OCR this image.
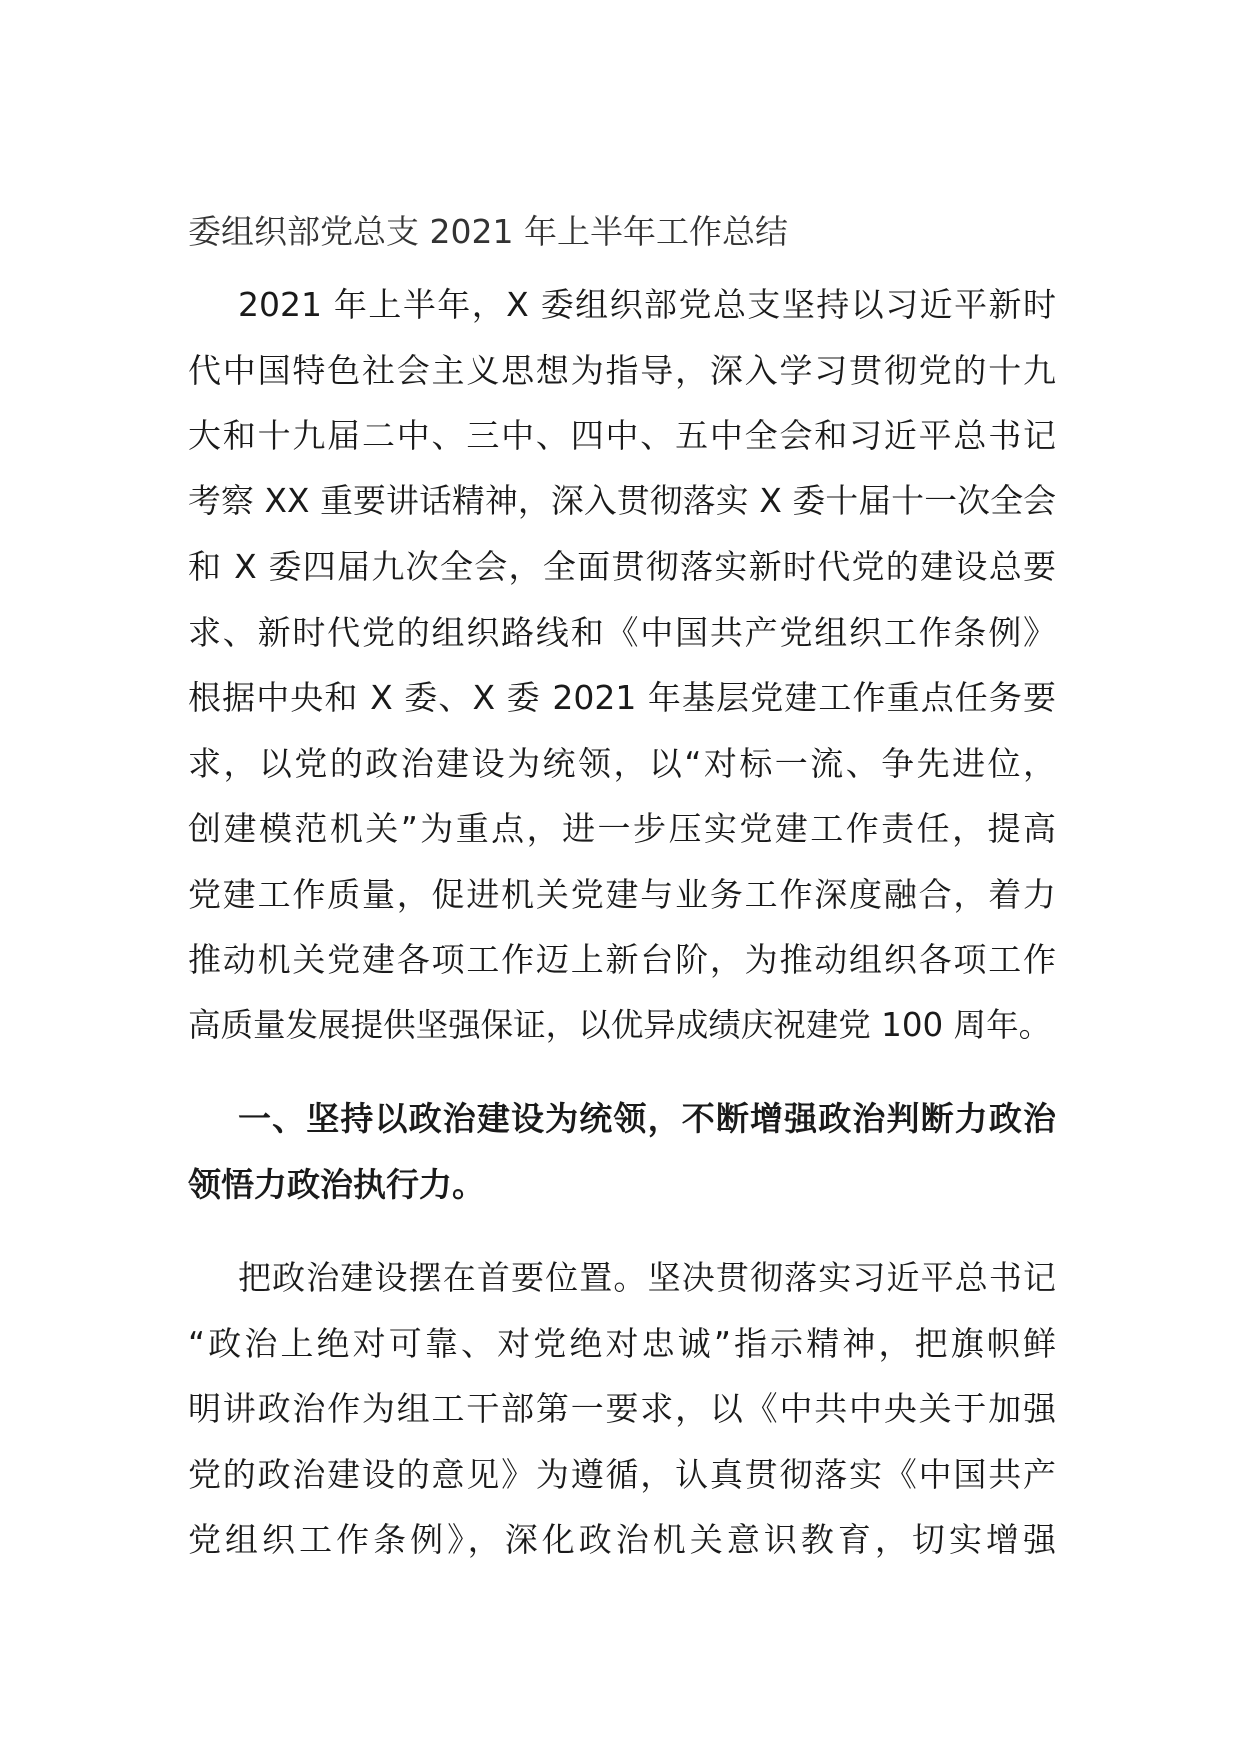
委组织部党总支 2021 年上半年工作总结
2021 年上半年，X 委组织部党总支坚持以习近平新时
代中国特色社会主义思想为指导，深入学习贯彻党的十九
大和十九届二中、三中、四中、五中全会和习近平总书记
考察 XX 重要讲话精神，深入贯彻落实 X 委十届十一次全会
和 X 委四届九次全会，全面贯彻落实新时代党的建设总要
求、新时代党的组织路线和《中国共产党组织工作条例》
根据中央和 X 委、X 委 2021 年基层党建工作重点任务要
求，以党的政治建设为统领，以“对标一流、争先进位，
创建模范机关”为重点，进一步压实党建工作责任，提高
党建工作质量，促进机关党建与业务工作深度融合，着力
推动机关党建各项工作迈上新台阶，为推动组织各项工作
高质量发展提供坚强保证，以优异成绩庆祝建党 100 周年。
一、坚持以政治建设为统领，不断增强政治判断力政治
领悟力政治执行力。
把政治建设摆在首要位置。坚决贯彻落实习近平总书记
“政治上绝对可靠、对党绝对忠诚”指示精神，把旗帜鲜
明讲政治作为组工干部第一要求，以《中共中央关于加强
党的政治建设的意见》为遵循，认真贯彻落实《中国共产
党组织工作条例》，深化政治机关意识教育，切实增强
